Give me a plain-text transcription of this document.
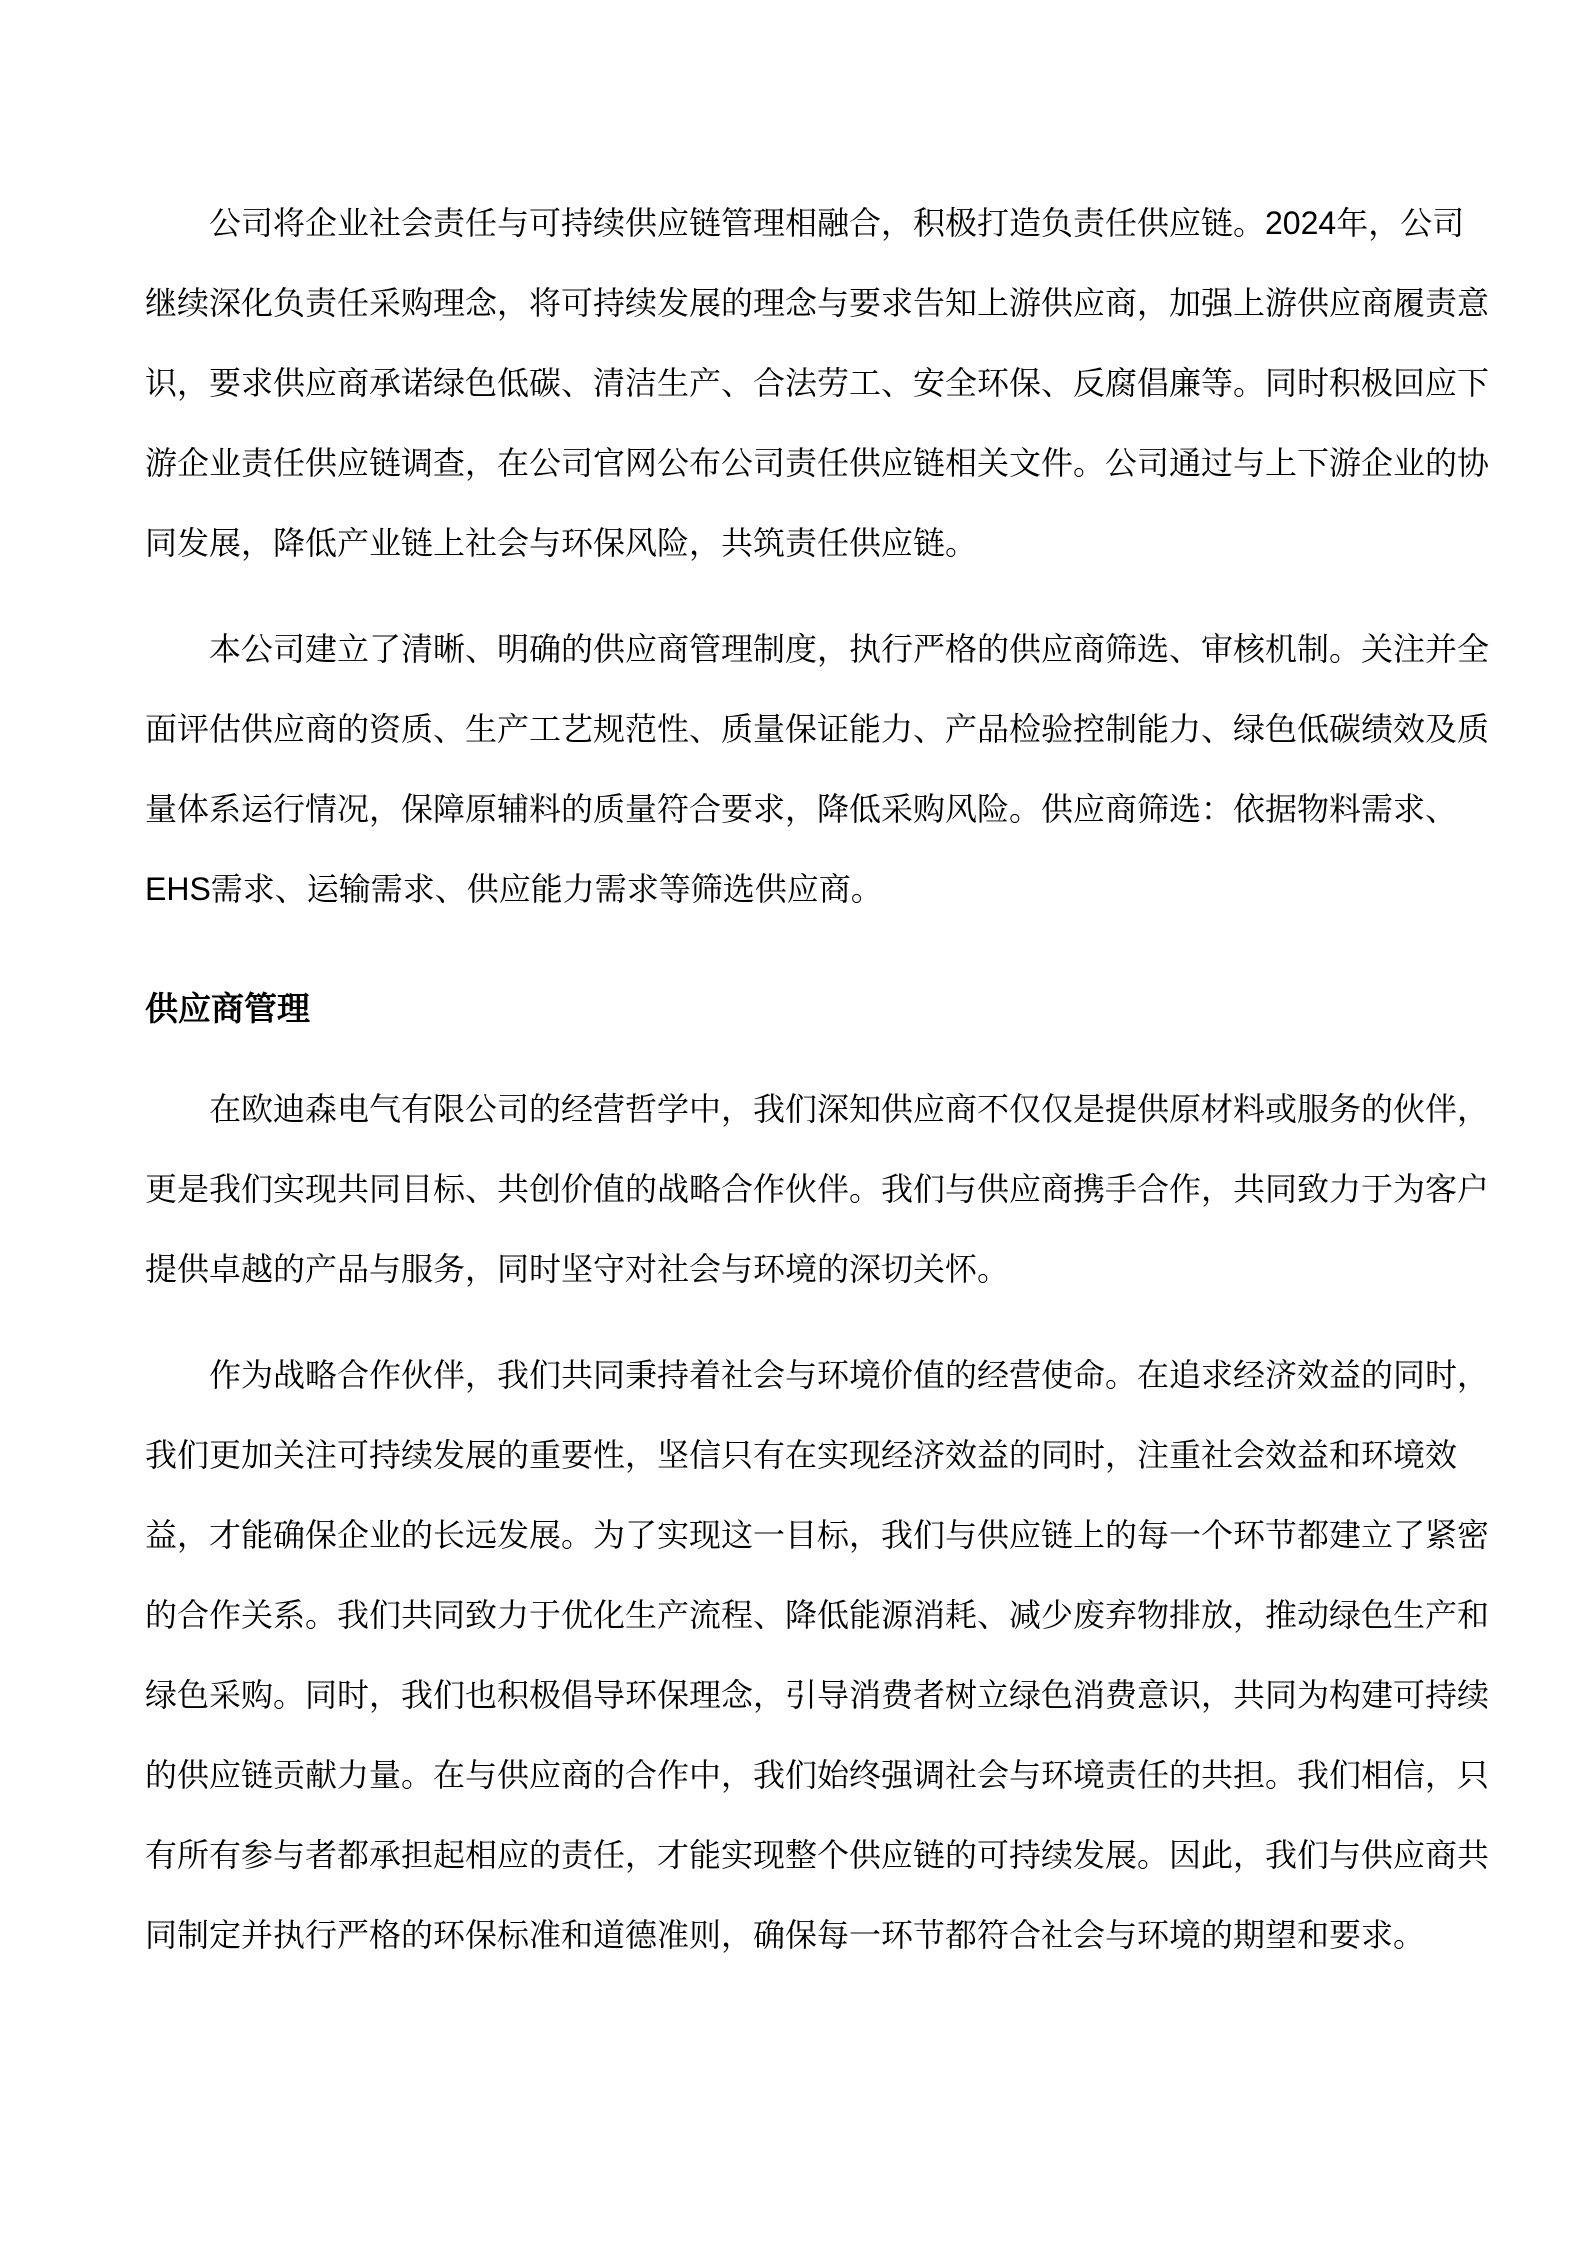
公司将企业社会责任与可持续供应链管理相融合，积极打造负责任供应链。2024年，公司继续深化负责任采购理念，将可持续发展的理念与要求告知上游供应商，加强上游供应商履责意识，要求供应商承诺绿色低碳、清洁生产、合法劳工、安全环保、反腐倡廉等。同时积极回应下游企业责任供应链调查，在公司官网公布公司责任供应链相关文件。公司通过与上下游企业的协同发展，降低产业链上社会与环保风险，共筑责任供应链。

本公司建立了清晰、明确的供应商管理制度，执行严格的供应商筛选、审核机制。关注并全面评估供应商的资质、生产工艺规范性、质量保证能力、产品检验控制能力、绿色低碳绩效及质量体系运行情况，保障原辅料的质量符合要求，降低采购风险。供应商筛选：依据物料需求、EHS需求、运输需求、供应能力需求等筛选供应商。

供应商管理

在欧迪森电气有限公司的经营哲学中，我们深知供应商不仅仅是提供原材料或服务的伙伴，更是我们实现共同目标、共创价值的战略合作伙伴。我们与供应商携手合作，共同致力于为客户提供卓越的产品与服务，同时坚守对社会与环境的深切关怀。

作为战略合作伙伴，我们共同秉持着社会与环境价值的经营使命。在追求经济效益的同时，我们更加关注可持续发展的重要性，坚信只有在实现经济效益的同时，注重社会效益和环境效益，才能确保企业的长远发展。为了实现这一目标，我们与供应链上的每一个环节都建立了紧密的合作关系。我们共同致力于优化生产流程、降低能源消耗、减少废弃物排放，推动绿色生产和绿色采购。同时，我们也积极倡导环保理念，引导消费者树立绿色消费意识，共同为构建可持续的供应链贡献力量。在与供应商的合作中，我们始终强调社会与环境责任的共担。我们相信，只有所有参与者都承担起相应的责任，才能实现整个供应链的可持续发展。因此，我们与供应商共同制定并执行严格的环保标准和道德准则，确保每一环节都符合社会与环境的期望和要求。
